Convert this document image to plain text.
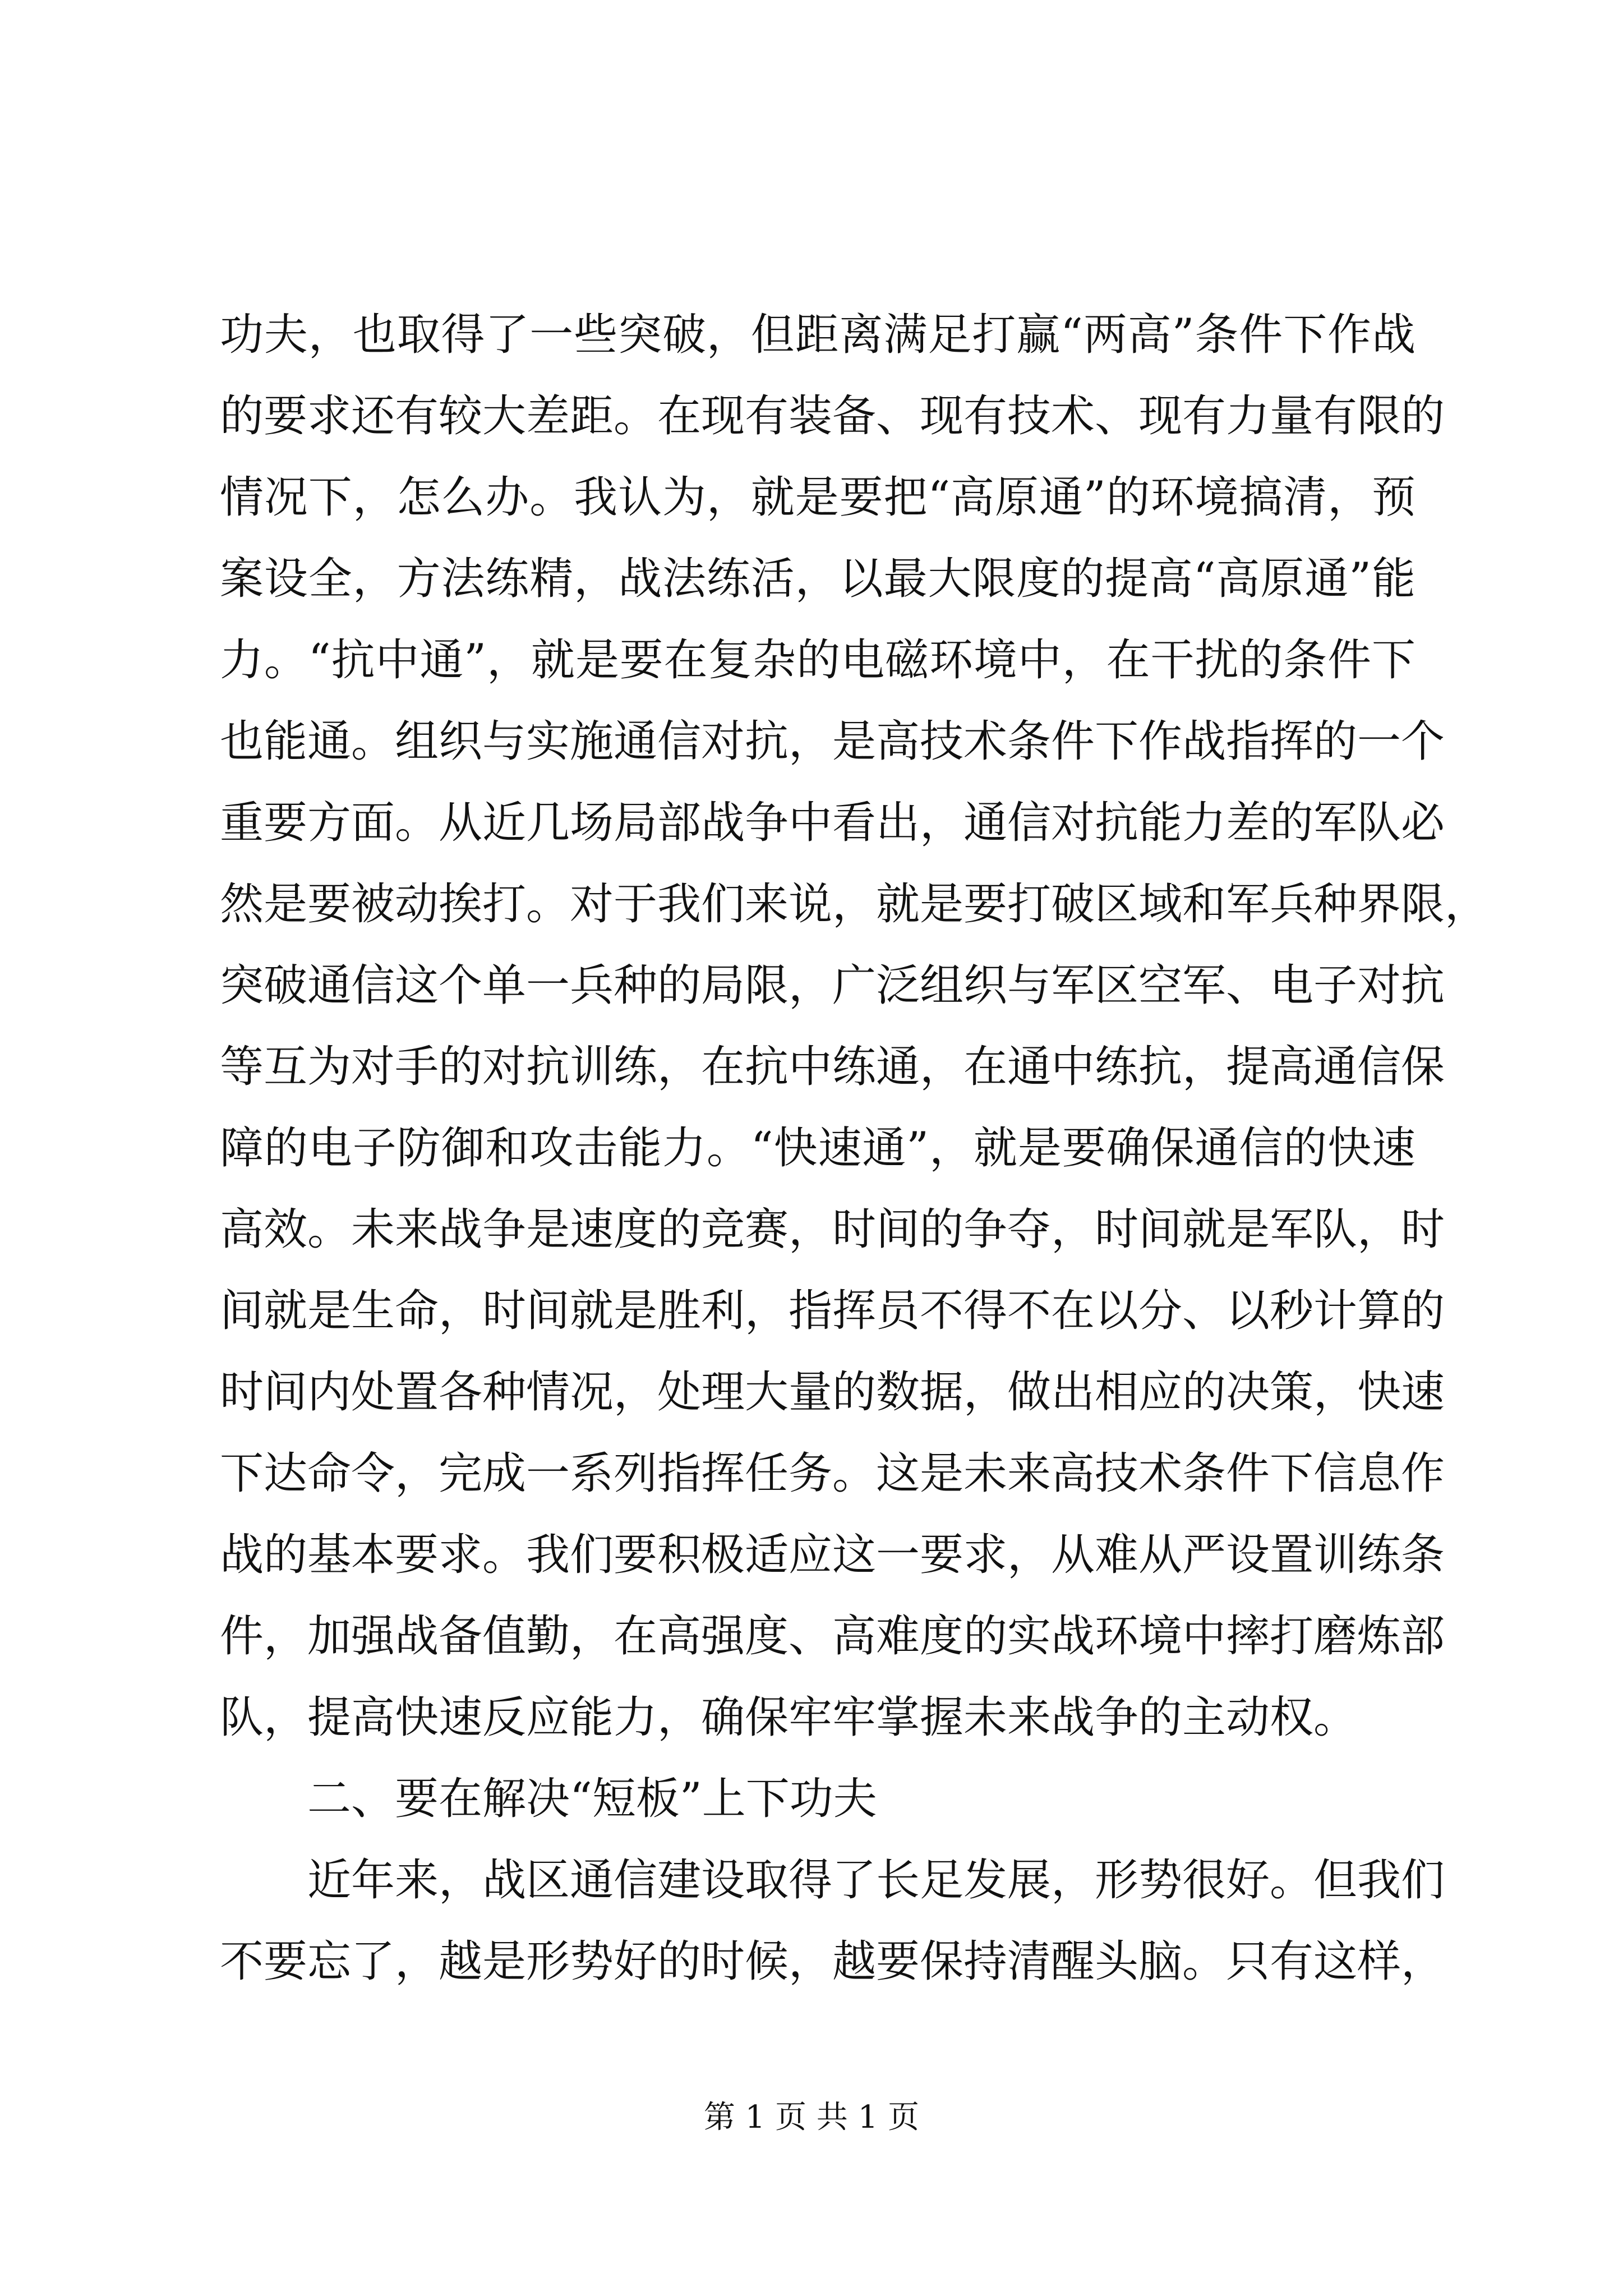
功夫，也取得了一些突破，但距离满足打赢“两高”条件下作战
的要求还有较大差距。在现有装备、现有技术、现有力量有限的
情况下，怎么办。我认为，就是要把“高原通”的环境搞清，预
案设全，方法练精，战法练活，以最大限度的提高“高原通”能
力。“抗中通”，就是要在复杂的电磁环境中，在干扰的条件下
也能通。组织与实施通信对抗，是高技术条件下作战指挥的一个
重要方面。从近几场局部战争中看出，通信对抗能力差的军队必
然是要被动挨打。对于我们来说，就是要打破区域和军兵种界限，
突破通信这个单一兵种的局限，广泛组织与军区空军、电子对抗
等互为对手的对抗训练，在抗中练通，在通中练抗，提高通信保
障的电子防御和攻击能力。“快速通”，就是要确保通信的快速
高效。未来战争是速度的竞赛，时间的争夺，时间就是军队，时
间就是生命，时间就是胜利，指挥员不得不在以分、以秒计算的
时间内处置各种情况，处理大量的数据，做出相应的决策，快速
下达命令，完成一系列指挥任务。这是未来高技术条件下信息作
战的基本要求。我们要积极适应这一要求，从难从严设置训练条
件，加强战备值勤，在高强度、高难度的实战环境中摔打磨炼部
队，提高快速反应能力，确保牢牢掌握未来战争的主动权。
二、要在解决“短板”上下功夫
近年来，战区通信建设取得了长足发展，形势很好。但我们
不要忘了，越是形势好的时候，越要保持清醒头脑。只有这样，
第 1 页 共 1 页
